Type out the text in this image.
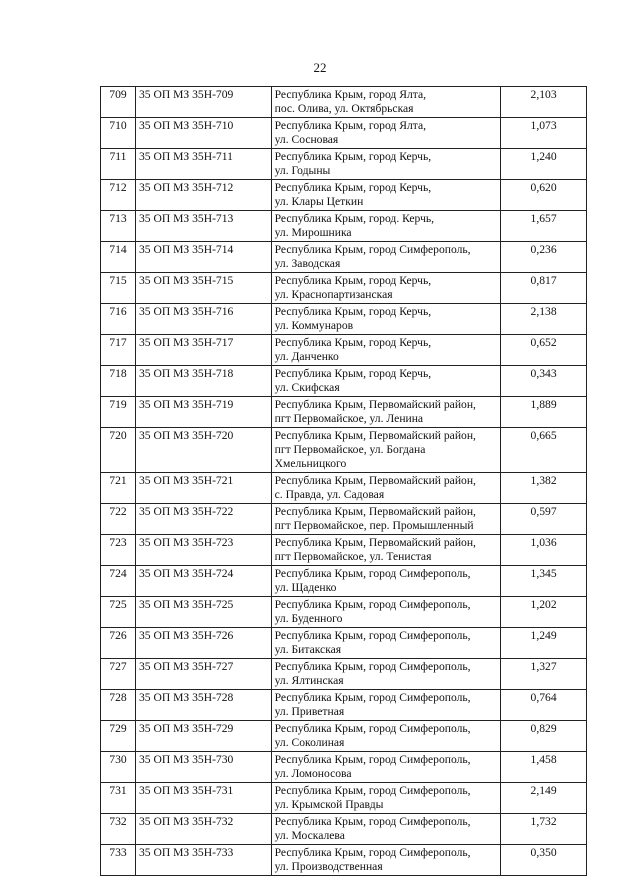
22
709	35 ОП МЗ 35Н-709	Республика Крым, город Ялта,
пос. Олива, ул. Октябрьская	2,103
710	35 ОП МЗ 35Н-710	Республика Крым, город Ялта,
ул. Сосновая	1,073
711	35 ОП МЗ 35Н-711	Республика Крым, город Керчь,
ул. Годыны	1,240
712	35 ОП МЗ 35Н-712	Республика Крым, город Керчь,
ул. Клары Цеткин	0,620
713	35 ОП МЗ 35Н-713	Республика Крым, город. Керчь,
ул. Мирошника	1,657
714	35 ОП МЗ 35Н-714	Республика Крым, город Симферополь,
ул. Заводская	0,236
715	35 ОП МЗ 35Н-715	Республика Крым, город Керчь,
ул. Краснопартизанская	0,817
716	35 ОП МЗ 35Н-716	Республика Крым, город Керчь,
ул. Коммунаров	2,138
717	35 ОП МЗ 35Н-717	Республика Крым, город Керчь,
ул. Данченко	0,652
718	35 ОП МЗ 35Н-718	Республика Крым, город Керчь,
ул. Скифская	0,343
719	35 ОП МЗ 35Н-719	Республика Крым, Первомайский район,
пгт Первомайское, ул. Ленина	1,889
720	35 ОП МЗ 35Н-720	Республика Крым, Первомайский район,
пгт Первомайское, ул. Богдана
Хмельницкого	0,665
721	35 ОП МЗ 35Н-721	Республика Крым, Первомайский район,
с. Правда, ул. Садовая	1,382
722	35 ОП МЗ 35Н-722	Республика Крым, Первомайский район,
пгт Первомайское, пер. Промышленный	0,597
723	35 ОП МЗ 35Н-723	Республика Крым, Первомайский район,
пгт Первомайское, ул. Тенистая	1,036
724	35 ОП МЗ 35Н-724	Республика Крым, город Симферополь,
ул. Щаденко	1,345
725	35 ОП МЗ 35Н-725	Республика Крым, город Симферополь,
ул. Буденного	1,202
726	35 ОП МЗ 35Н-726	Республика Крым, город Симферополь,
ул. Битакская	1,249
727	35 ОП МЗ 35Н-727	Республика Крым, город Симферополь,
ул. Ялтинская	1,327
728	35 ОП МЗ 35Н-728	Республика Крым, город Симферополь,
ул. Приветная	0,764
729	35 ОП МЗ 35Н-729	Республика Крым, город Симферополь,
ул. Соколиная	0,829
730	35 ОП МЗ 35Н-730	Республика Крым, город Симферополь,
ул. Ломоносова	1,458
731	35 ОП МЗ 35Н-731	Республика Крым, город Симферополь,
ул. Крымской Правды	2,149
732	35 ОП МЗ 35Н-732	Республика Крым, город Симферополь,
ул. Москалева	1,732
733	35 ОП МЗ 35Н-733	Республика Крым, город Симферополь,
ул. Производственная	0,350
